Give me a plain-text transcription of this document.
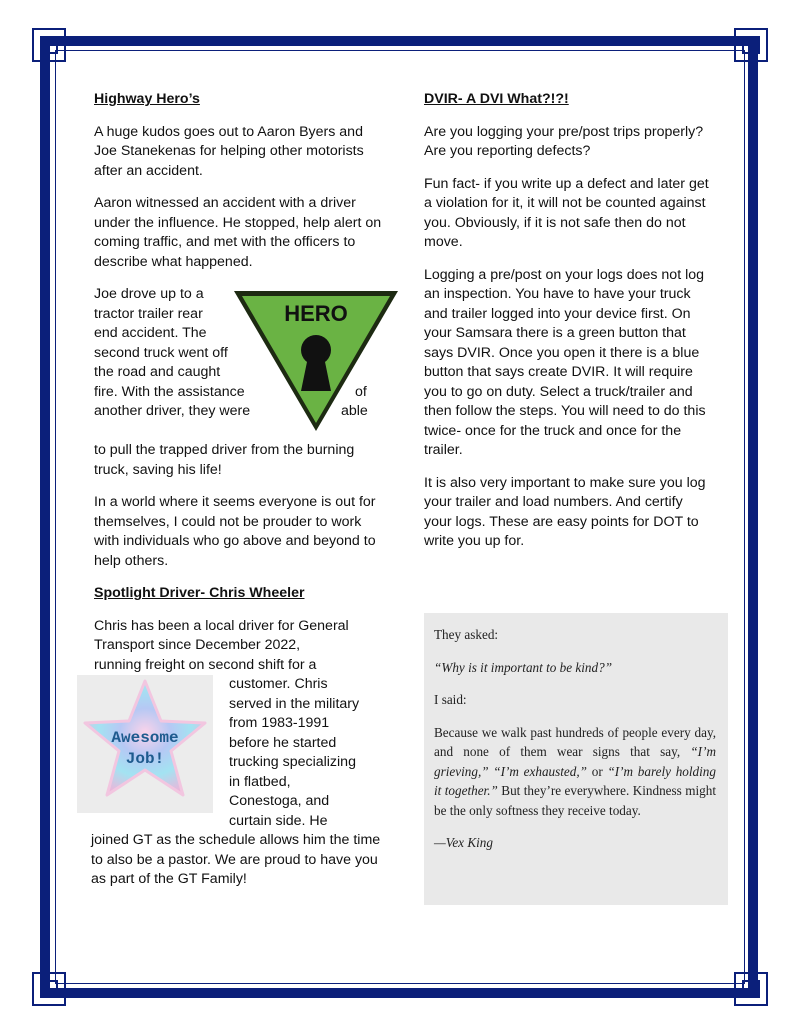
Highway Hero’s

A huge kudos goes out to Aaron Byers and Joe Stanekenas for helping other motorists after an accident.

Aaron witnessed an accident with a driver under the influence. He stopped, help alert on coming traffic, and met with the officers to describe what happened.

Joe drove up to a
tractor trailer rear
end accident. The
second truck went off
the road and caught
fire. With the assistance	of
another driver, they were	able
HERO

to pull the trapped driver from the burning truck, saving his life!

In a world where it seems everyone is out for themselves, I could not be prouder to work with individuals who go above and beyond to help others.

Spotlight Driver- Chris Wheeler
Chris has been a local driver for General
Transport since December 2022,
running freight on second shift for a
Awesome
Job!
customer. Chris
served in the military
from 1983-1991
before he started
trucking specializing
in flatbed,
Conestoga, and
curtain side. He

joined GT as the schedule allows him the time to also be a pastor. We are proud to have you as part of the GT Family!

DVIR- A DVI What?!?!

Are you logging your pre/post trips properly? Are you reporting defects?

Fun fact- if you write up a defect and later get a violation for it, it will not be counted against you. Obviously, if it is not safe then do not move.

Logging a pre/post on your logs does not log an inspection. You have to have your truck and trailer logged into your device first. On your Samsara there is a green button that says DVIR. Once you open it there is a blue button that says create DVIR. It will require you to go on duty. Select a truck/trailer and then follow the steps. You will need to do this twice- once for the truck and once for the trailer.

It is also very important to make sure you log your trailer and load numbers. And certify your logs. These are easy points for DOT to write you up for.

They asked:

“Why is it important to be kind?”

I said:

Because we walk past hundreds of people every day, and none of them wear signs that say, “I’m grieving,” “I’m exhausted,” or “I’m barely holding it together.” But they’re everywhere. Kindness might be the only softness they receive today.

—Vex King
